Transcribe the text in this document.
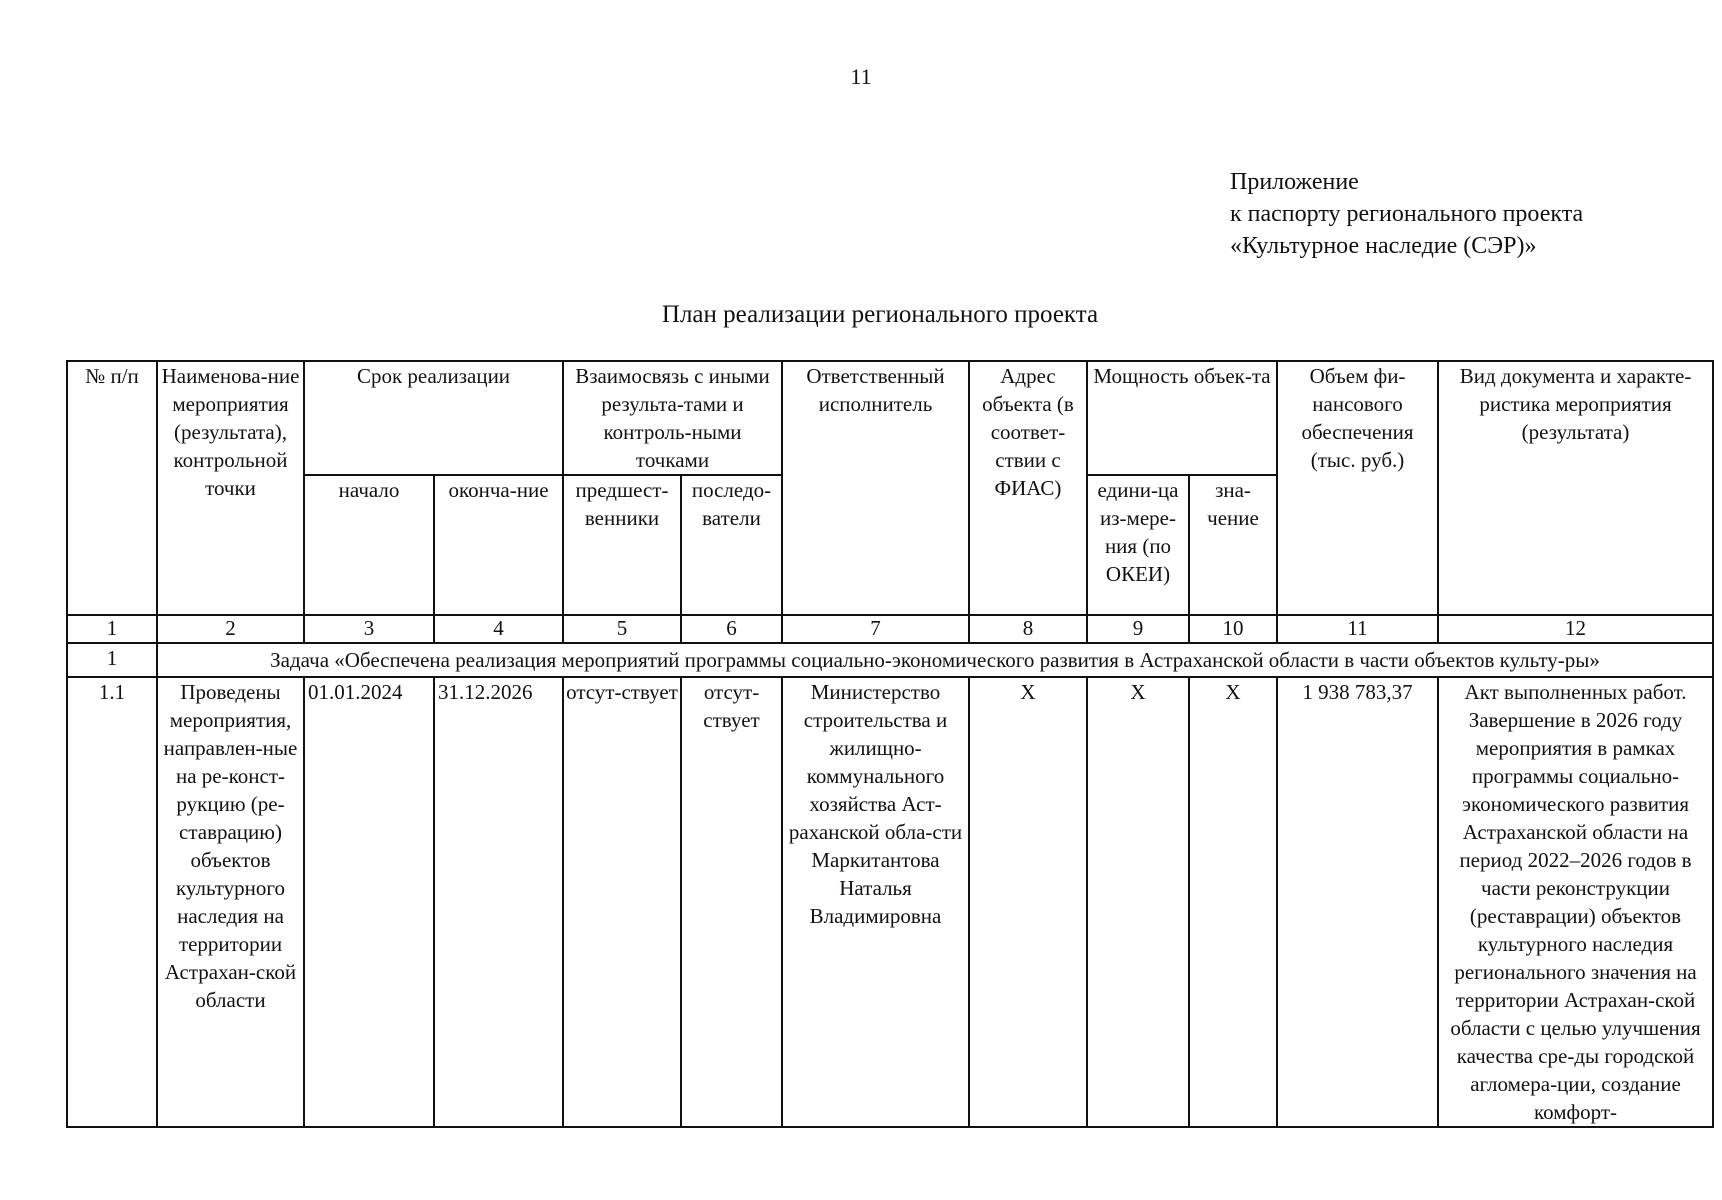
11
Приложение
к паспорту регионального проекта
«Культурное наследие (СЭР)»
План реализации регионального проекта
№ п/п	Наименова-ние мероприятия (результата), контрольной точки	Срок реализации		Взаимосвязь с иными результа-тами и контроль-ными точками		Ответственный исполнитель	Адрес объекта (в соответ-ствии с ФИАС)	Мощность объек-та		Объем фи-нансового обеспечения (тыс. руб.)	Вид документа и характе-ристика мероприятия (результата)
		начало	оконча-ние	предшест-венники	последо-ватели			едини-ца из-мере-ния (по ОКЕИ)	зна-чение		
1	2	3	4	5	6	7	8	9	10	11	12
1	Задача «Обеспечена реализация мероприятий программы социально-экономического развития в Астраханской области в части объектов культу-ры»										
1.1	Проведены мероприятия, направлен-ные на ре-конст-рукцию (ре-ставрацию) объектов культурного наследия на территории Астрахан-ской области	01.01.2024	31.12.2026	отсут-ствует	отсут-ствует	Министерство строительства и жилищно-коммунального хозяйства Аст-раханской обла-сти Маркитантова Наталья Владимировна	Х	Х	Х	1 938 783,37	Акт выполненных работ. Завершение в 2026 году мероприятия в рамках программы социально-экономического развития Астраханской области на период 2022–2026 годов в части реконструкции (реставрации) объектов культурного наследия регионального значения на территории Астрахан-ской области с целью улучшения качества сре-ды городской агломера-ции, создание комфорт-
